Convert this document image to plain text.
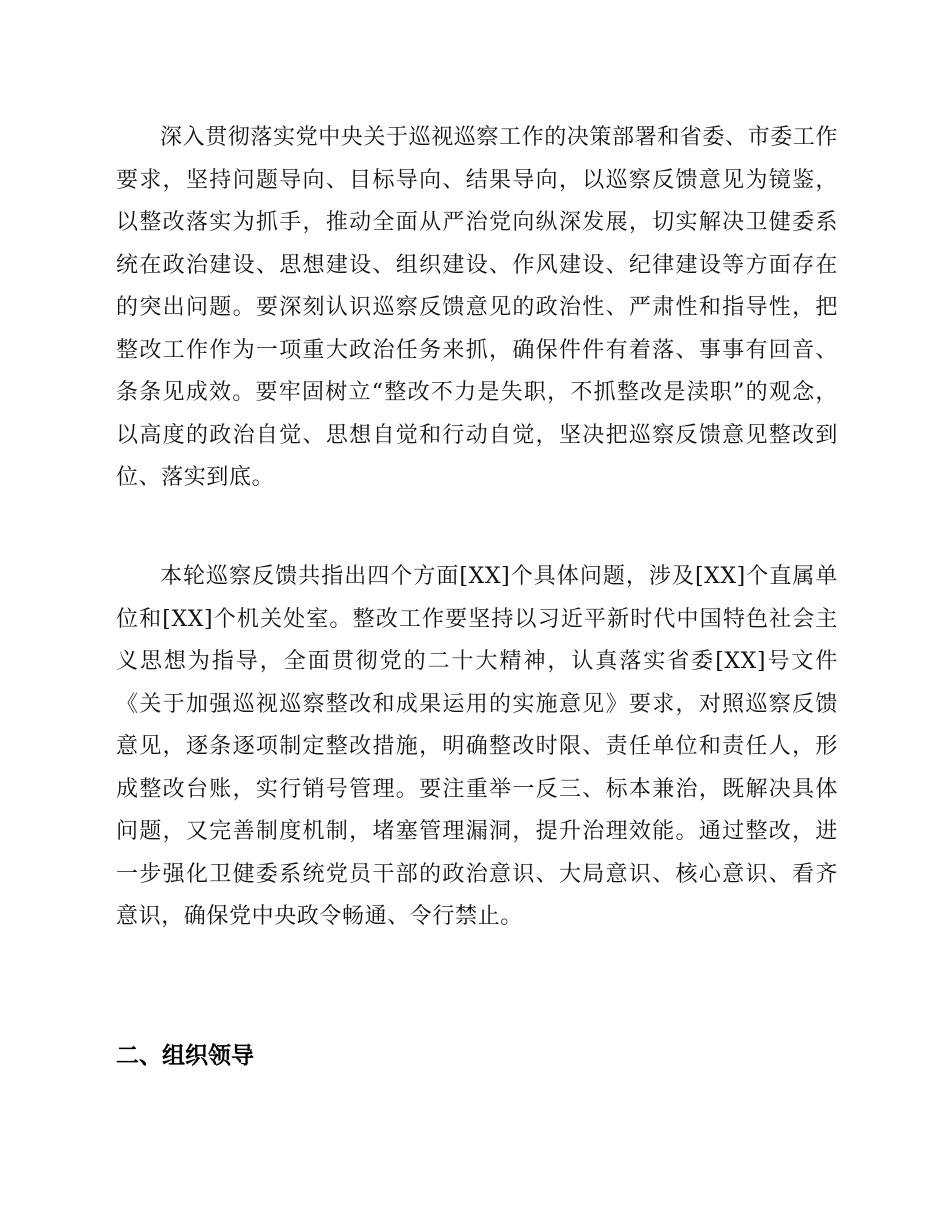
深入贯彻落实党中央关于巡视巡察工作的决策部署和省委、市委工作要求，坚持问题导向、目标导向、结果导向，以巡察反馈意见为镜鉴，以整改落实为抓手，推动全面从严治党向纵深发展，切实解决卫健委系统在政治建设、思想建设、组织建设、作风建设、纪律建设等方面存在的突出问题。要深刻认识巡察反馈意见的政治性、严肃性和指导性，把整改工作作为一项重大政治任务来抓，确保件件有着落、事事有回音、条条见成效。要牢固树立“整改不力是失职，不抓整改是渎职”的观念，以高度的政治自觉、思想自觉和行动自觉，坚决把巡察反馈意见整改到位、落实到底。

本轮巡察反馈共指出四个方面[XX]个具体问题，涉及[XX]个直属单位和[XX]个机关处室。整改工作要坚持以习近平新时代中国特色社会主义思想为指导，全面贯彻党的二十大精神，认真落实省委[XX]号文件《关于加强巡视巡察整改和成果运用的实施意见》要求，对照巡察反馈意见，逐条逐项制定整改措施，明确整改时限、责任单位和责任人，形成整改台账，实行销号管理。要注重举一反三、标本兼治，既解决具体问题，又完善制度机制，堵塞管理漏洞，提升治理效能。通过整改，进一步强化卫健委系统党员干部的政治意识、大局意识、核心意识、看齐意识，确保党中央政令畅通、令行禁止。

二、组织领导
